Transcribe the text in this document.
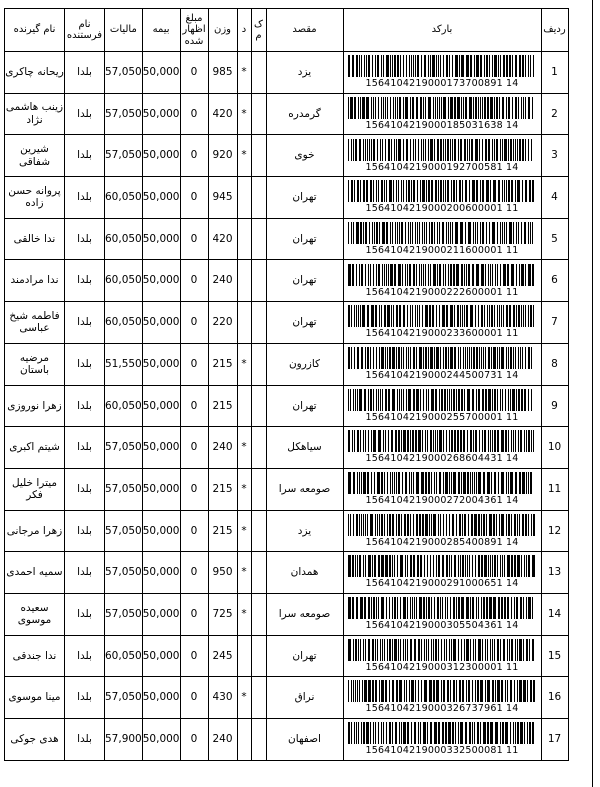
ردیف	بارکد	مقصد	ک م	د	وزن	مبلغ اظهار شده	بیمه	مالیات	نام فرستنده	نام گیرنده
1	1564104219000173700891 14	یزد		*	985	0	50,000	57,050	بلدا	ریحانه چاکری
2	1564104219000185031638 14	گرمدره		*	420	0	50,000	57,050	بلدا	زینب هاشمی نژاد
3	1564104219000192700581 14	خوی		*	920	0	50,000	57,050	بلدا	شیرین شفاقی
4	1564104219000200600001 11	تهران			945	0	50,000	60,050	بلدا	پروانه حسن زاده
5	1564104219000211600001 11	تهران			420	0	50,000	60,050	بلدا	ندا خالقی
6	1564104219000222600001 11	تهران			240	0	50,000	60,050	بلدا	ندا مرادمند
7	1564104219000233600001 11	تهران			220	0	50,000	60,050	بلدا	فاطمه شیخ عباسی
8	1564104219000244500731 14	کازرون		*	215	0	50,000	51,550	بلدا	مرضیه باستان
9	1564104219000255700001 11	تهران			215	0	50,000	60,050	بلدا	زهرا نوروزی
10	1564104219000268604431 14	سیاهکل		*	240	0	50,000	57,050	بلدا	شیتم اکبری
11	1564104219000272004361 14	صومعه سرا		*	215	0	50,000	57,050	بلدا	میترا خلیل فکر
12	1564104219000285400891 14	یزد		*	215	0	50,000	57,050	بلدا	زهرا مرجانی
13	1564104219000291000651 14	همدان		*	950	0	50,000	57,050	بلدا	سمیه احمدی
14	1564104219000305504361 14	صومعه سرا		*	725	0	50,000	57,050	بلدا	سعیده موسوی
15	1564104219000312300001 11	تهران			245	0	50,000	60,050	بلدا	ندا جندقی
16	1564104219000326737961 14	نراق		*	430	0	50,000	57,050	بلدا	مینا موسوی
17	1564104219000332500081 11	اصفهان			240	0	50,000	57,900	بلدا	هدی جوکی
